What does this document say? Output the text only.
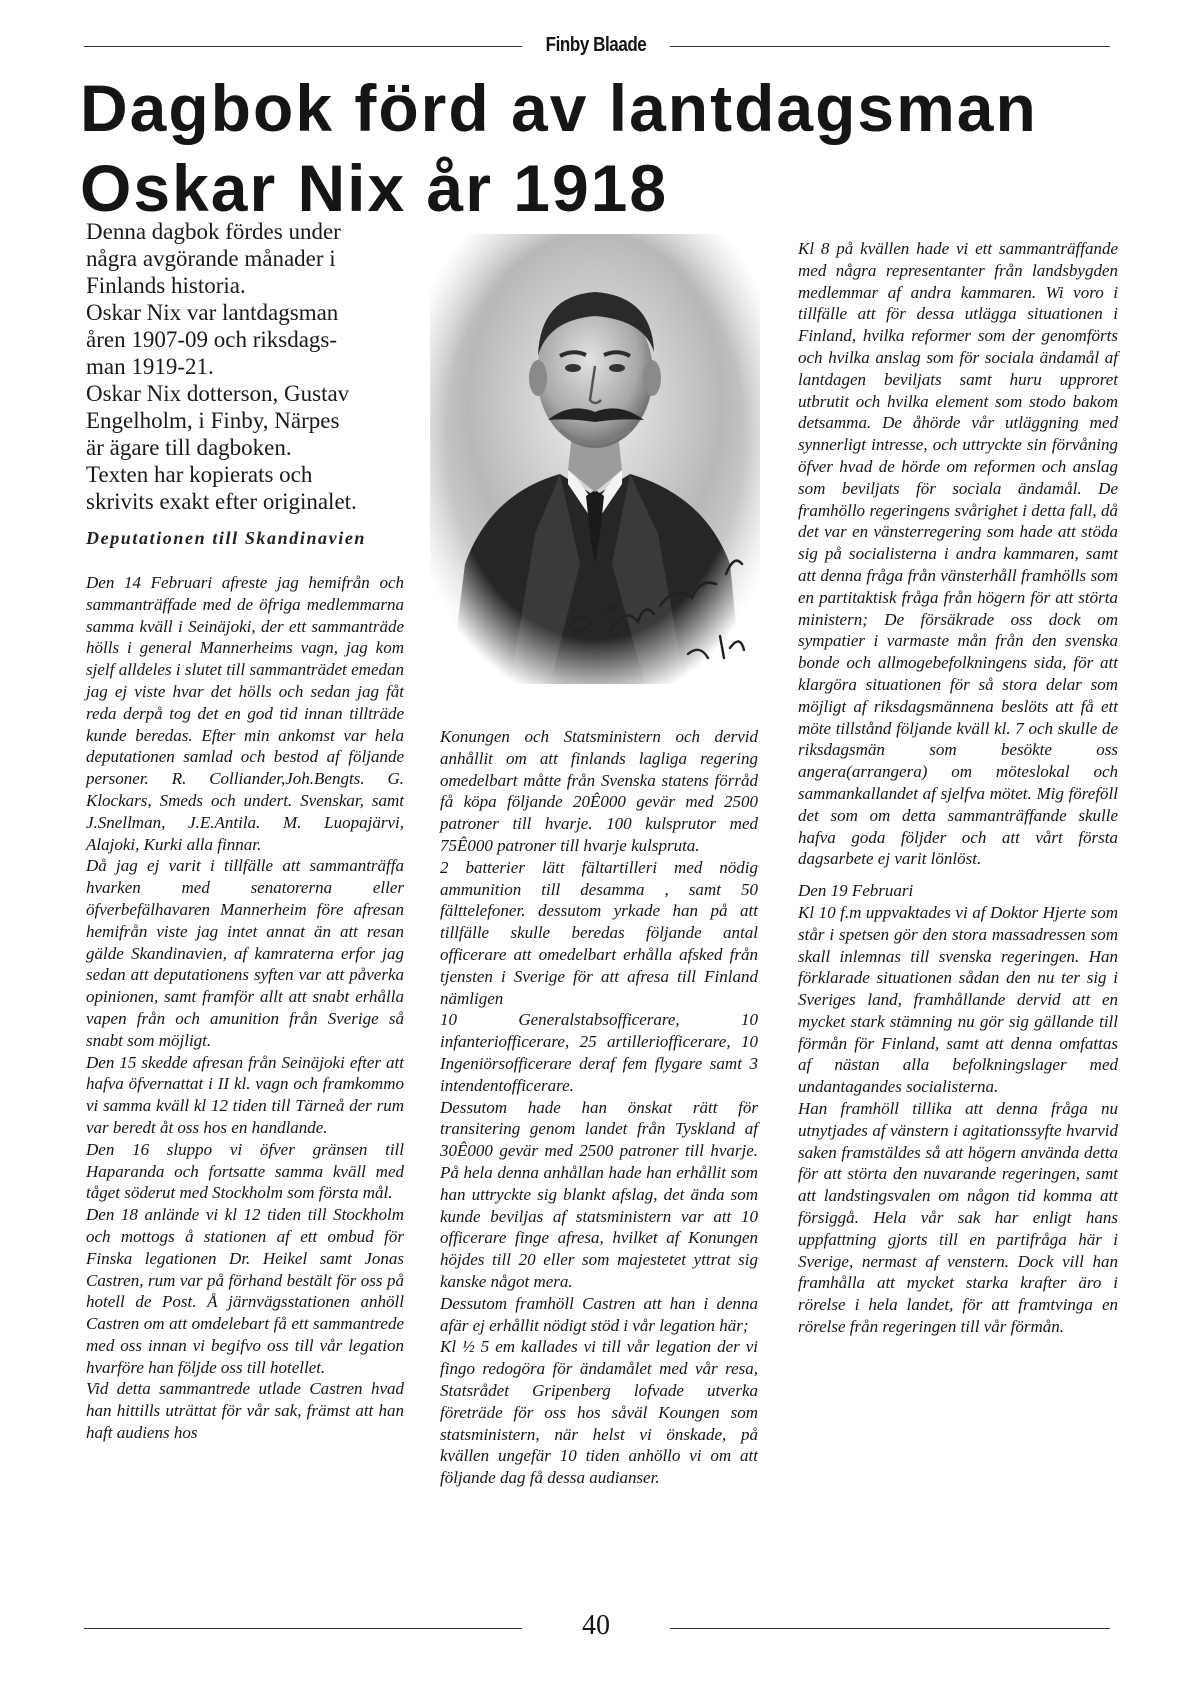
Finby Blaade
Dagbok förd av lantdagsman
Oskar Nix år 1918
Denna dagbok fördes under
några avgörande månader i
Finlands historia.
Oskar Nix var lantdagsman
åren 1907-09 och riksdags-
man 1919-21.
Oskar Nix dotterson, Gustav
Engelholm, i Finby, Närpes
är ägare till dagboken.
Texten har kopierats och
skrivits exakt efter originalet.
Deputationen till Skandinavien

Den 14 Februari afreste jag hemifrån och sammanträffade med de öfriga medlemmarna samma kväll i Seinäjoki, der ett sammanträde hölls i general Mannerheims vagn, jag kom sjelf alldeles i slutet till sammanträdet emedan jag ej viste hvar det hölls och sedan jag fåt reda derpå tog det en god tid innan tillträde kunde beredas. Efter min ankomst var hela deputationen samlad och bestod af följande personer. R. Colliander,Joh.Bengts. G. Klockars, Smeds och undert. Svenskar, samt J.Snellman, J.E.Antila. M. Luopajärvi, Alajoki, Kurki alla finnar.

Då jag ej varit i tillfälle att sammanträffa hvarken med senatorerna eller öfverbefälhavaren Mannerheim före afresan hemifrån viste jag intet annat än att resan gälde Skandinavien, af kamraterna erfor jag sedan att deputationens syften var att påverka opinionen, samt framför allt att snabt erhålla vapen från och amunition från Sverige så snabt som möjligt.

Den 15 skedde afresan från Seinäjoki efter att hafva öfvernattat i II kl. vagn och framkommo vi samma kväll kl 12 tiden till Tärneå der rum var beredt åt oss hos en handlande.

Den 16 sluppo vi öfver gränsen till Haparanda och fortsatte samma kväll med tåget söderut med Stockholm som första mål.

Den 18 anlände vi kl 12 tiden till Stockholm och mottogs å stationen af ett ombud för Finska legationen Dr. Heikel samt Jonas Castren, rum var på förhand bestält för oss på hotell de Post. Å järnvägsstationen anhöll Castren om att omdelebart få ett sammantrede med oss innan vi begifvo oss till vår legation hvarföre han följde oss till hotellet.

Vid detta sammantrede utlade Castren hvad han hittills uträttat för vår sak, främst att han haft audiens hos

Konungen och Statsministern och dervid anhållit om att finlands lagliga regering omedelbart måtte från Svenska statens förråd få köpa följande 20Ê000 gevär med 2500 patroner till hvarje. 100 kulsprutor med 75Ê000 patroner till hvarje kulspruta.

2 batterier lätt fältartilleri med nödig ammunition till desamma , samt 50 fälttelefoner. dessutom yrkade han på att tillfälle skulle beredas följande antal officerare att omedelbart erhålla afsked från tjensten i Sverige för att afresa till Finland nämligen

10 Generalstabsofficerare, 10 infanteriofficerare, 25 artilleriofficerare, 10 Ingeniörsofficerare deraf fem flygare samt 3 intendentofficerare.

Dessutom hade han önskat rätt för transitering genom landet från Tyskland af 30Ê000 gevär med 2500 patroner till hvarje. På hela denna anhållan hade han erhållit som han uttryckte sig blankt afslag, det ända som kunde beviljas af statsministern var att 10 officerare finge afresa, hvilket af Konungen höjdes till 20 eller som majestetet yttrat sig kanske något mera.

Dessutom framhöll Castren att han i denna afär ej erhållit nödigt stöd i vår legation här;

Kl ½ 5 em kallades vi till vår legation der vi fingo redogöra för ändamålet med vår resa, Statsrådet Gripenberg lofvade utverka företräde för oss hos såväl Koungen som statsministern, när helst vi önskade, på kvällen ungefär 10 tiden anhöllo vi om att följande dag få dessa audianser.

Kl 8 på kvällen hade vi ett sammanträffande med några representanter från landsbygden medlemmar af andra kammaren. Wi voro i tillfälle att för dessa utlägga situationen i Finland, hvilka reformer som der genomförts och hvilka anslag som för sociala ändamål af lantdagen beviljats samt huru upproret utbrutit och hvilka element som stodo bakom detsamma. De åhörde vår utläggning med synnerligt intresse, och uttryckte sin förvåning öfver hvad de hörde om reformen och anslag som beviljats för sociala ändamål. De framhöllo regeringens svårighet i detta fall, då det var en vänsterregering som hade att stöda sig på socialisterna i andra kammaren, samt att denna fråga från vänsterhåll framhölls som en partitaktisk fråga från högern för att störta ministern; De försäkrade oss dock om sympatier i varmaste mån från den svenska bonde och allmogebefolkningens sida, för att klargöra situationen för så stora delar som möjligt af riksdagsmännena beslöts att få ett möte tillstånd följande kväll kl. 7 och skulle de riksdagsmän som besökte oss angera(arrangera) om möteslokal och sammankallandet af sjelfva mötet. Mig föreföll det som om detta sammanträffande skulle hafva goda följder och att vårt första dagsarbete ej varit lönlöst.

Den 19 Februari

Kl 10 f.m uppvaktades vi af Doktor Hjerte som står i spetsen gör den stora massadressen som skall inlemnas till svenska regeringen. Han förklarade situationen sådan den nu ter sig i Sveriges land, framhållande dervid att en mycket stark stämning nu gör sig gällande till förmån för Finland, samt att denna omfattas af nästan alla befolkningslager med undantagandes socialisterna.

Han framhöll tillika att denna fråga nu utnytjades af vänstern i agitationssyfte hvarvid saken framstäldes så att högern använda detta för att störta den nuvarande regeringen, samt att landstingsvalen om någon tid komma att försiggå. Hela vår sak har enligt hans uppfattning gjorts till en partifråga här i Sverige, nermast af venstern. Dock vill han framhålla att mycket starka krafter äro i rörelse i hela landet, för att framtvinga en rörelse från regeringen till vår förmån.

40
